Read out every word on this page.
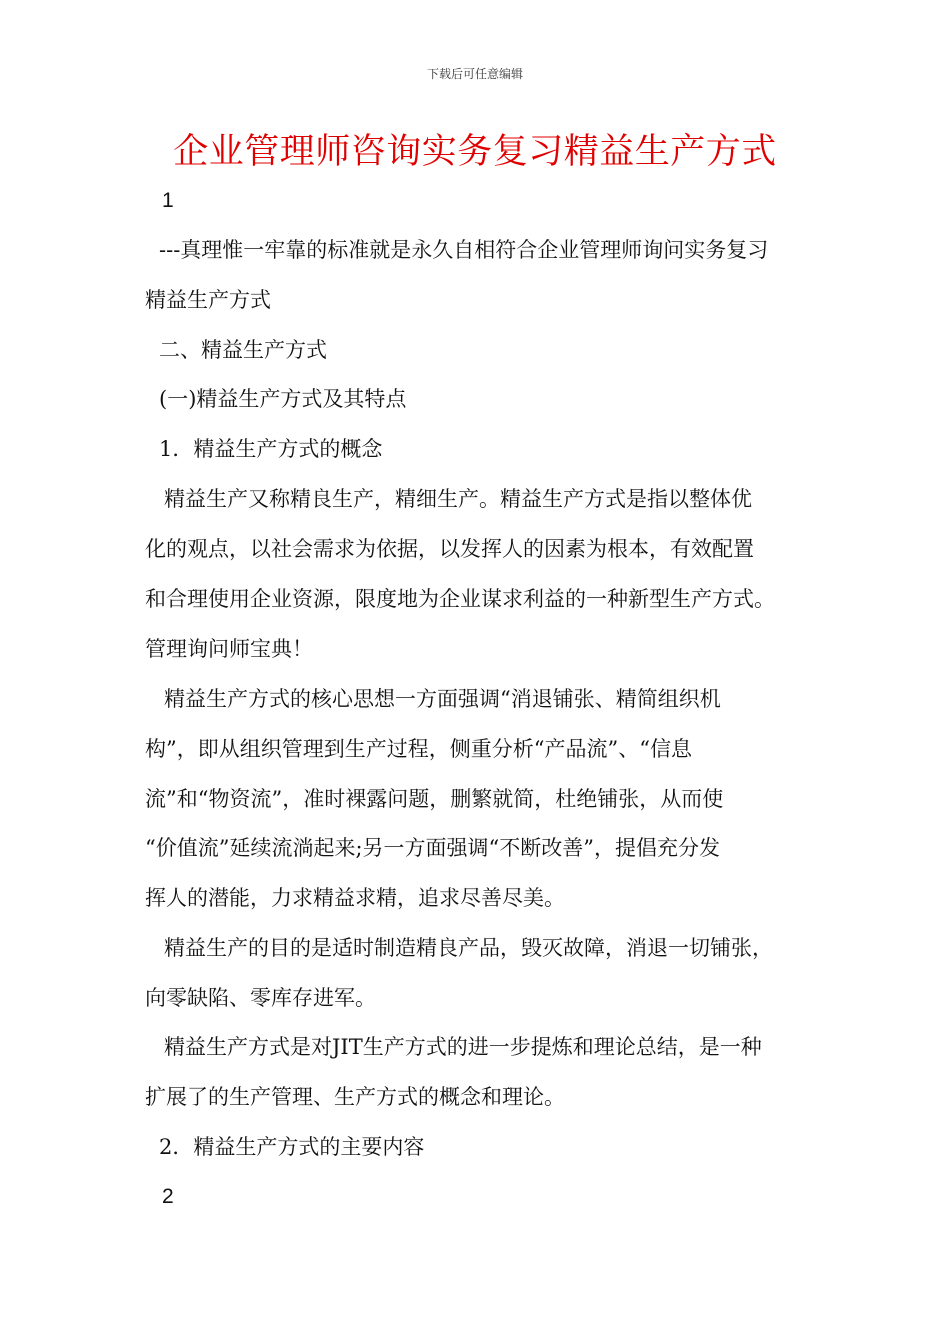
下载后可任意编辑
企业管理师咨询实务复习精益生产方式
1
---真理惟一牢靠的标准就是永久自相符合企业管理师询问实务复习
精益生产方式
二、精益生产方式
(一)精益生产方式及其特点
1．精益生产方式的概念
精益生产又称精良生产，精细生产。精益生产方式是指以整体优
化的观点，以社会需求为依据，以发挥人的因素为根本，有效配置
和合理使用企业资源，限度地为企业谋求利益的一种新型生产方式。
管理询问师宝典！
精益生产方式的核心思想一方面强调“消退铺张、精简组织机
构”，即从组织管理到生产过程，侧重分析“产品流”、“信息
流”和“物资流”，准时裸露问题，删繁就简，杜绝铺张，从而使
“价值流”延续流淌起来;另一方面强调“不断改善”，提倡充分发
挥人的潜能，力求精益求精，追求尽善尽美。
精益生产的目的是适时制造精良产品，毁灭故障，消退一切铺张，
向零缺陷、零库存进军。
精益生产方式是对JIT生产方式的进一步提炼和理论总结，是一种
扩展了的生产管理、生产方式的概念和理论。
2．精益生产方式的主要内容
2
